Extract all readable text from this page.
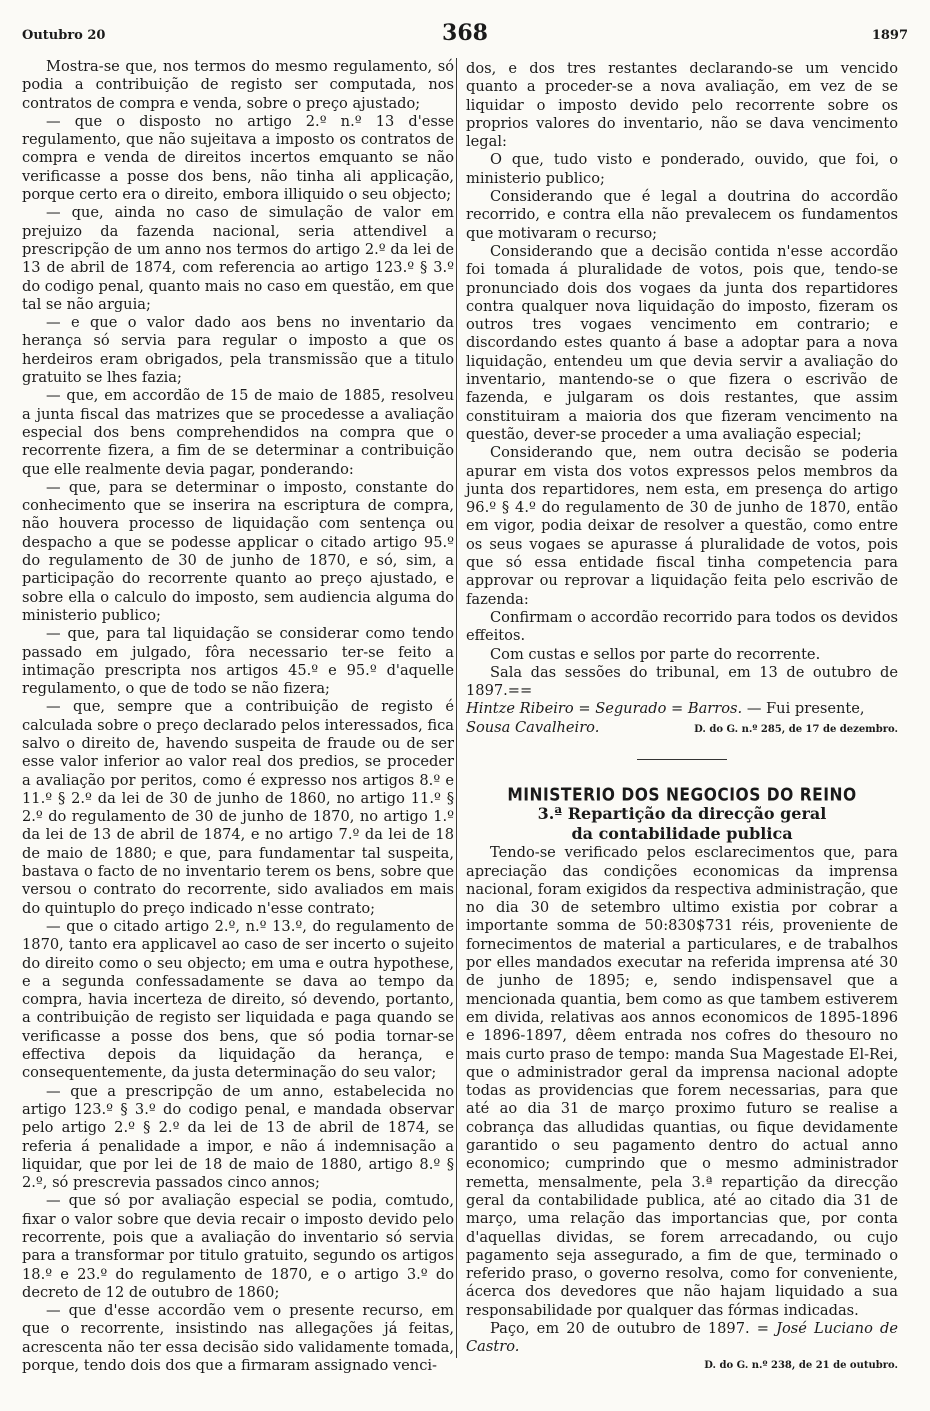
Outubro 20	368	1897

Mostra-se que, nos termos do mesmo regulamento, só podia a contribuição de registo ser computada, nos contratos de compra e venda, sobre o preço ajustado;

— que o disposto no artigo 2.º n.º 13 d'esse regulamento, que não sujeitava a imposto os contratos de compra e venda de direitos incertos emquanto se não verificasse a posse dos bens, não tinha ali applicação, porque certo era o direito, embora illiquido o seu objecto;

— que, ainda no caso de simulação de valor em prejuizo da fazenda nacional, seria attendivel a prescripção de um anno nos termos do artigo 2.º da lei de 13 de abril de 1874, com referencia ao artigo 123.º § 3.º do codigo penal, quanto mais no caso em questão, em que tal se não arguia;

— e que o valor dado aos bens no inventario da herança só servia para regular o imposto a que os herdeiros eram obrigados, pela transmissão que a titulo gratuito se lhes fazia;

— que, em accordão de 15 de maio de 1885, resolveu a junta fiscal das matrizes que se procedesse a avaliação especial dos bens comprehendidos na compra que o recorrente fizera, a fim de se determinar a contribuição que elle realmente devia pagar, ponderando:

— que, para se determinar o imposto, constante do conhecimento que se inserira na escriptura de compra, não houvera processo de liquidação com sentença ou despacho a que se podesse applicar o citado artigo 95.º do regulamento de 30 de junho de 1870, e só, sim, a participação do recorrente quanto ao preço ajustado, e sobre ella o calculo do imposto, sem audiencia alguma do ministerio publico;

— que, para tal liquidação se considerar como tendo passado em julgado, fôra necessario ter-se feito a intimação prescripta nos artigos 45.º e 95.º d'aquelle regulamento, o que de todo se não fizera;

— que, sempre que a contribuição de registo é calculada sobre o preço declarado pelos interessados, fica salvo o direito de, havendo suspeita de fraude ou de ser esse valor inferior ao valor real dos predios, se proceder a avaliação por peritos, como é expresso nos artigos 8.º e 11.º § 2.º da lei de 30 de junho de 1860, no artigo 11.º § 2.º do regulamento de 30 de junho de 1870, no artigo 1.º da lei de 13 de abril de 1874, e no artigo 7.º da lei de 18 de maio de 1880; e que, para fundamentar tal suspeita, bastava o facto de no inventario terem os bens, sobre que versou o contrato do recorrente, sido avaliados em mais do quintuplo do preço indicado n'esse contrato;

— que o citado artigo 2.º, n.º 13.º, do regulamento de 1870, tanto era applicavel ao caso de ser incerto o sujeito do direito como o seu objecto; em uma e outra hypothese, e a segunda confessadamente se dava ao tempo da compra, havia incerteza de direito, só devendo, portanto, a contribuição de registo ser liquidada e paga quando se verificasse a posse dos bens, que só podia tornar-se effectiva depois da liquidação da herança, e consequentemente, da justa determinação do seu valor;

— que a prescripção de um anno, estabelecida no artigo 123.º § 3.º do codigo penal, e mandada observar pelo artigo 2.º § 2.º da lei de 13 de abril de 1874, se referia á penalidade a impor, e não á indemnisação a liquidar, que por lei de 18 de maio de 1880, artigo 8.º § 2.º, só prescrevia passados cinco annos;

— que só por avaliação especial se podia, comtudo, fixar o valor sobre que devia recair o imposto devido pelo recorrente, pois que a avaliação do inventario só servia para a transformar por titulo gratuito, segundo os artigos 18.º e 23.º do regulamento de 1870, e o artigo 3.º do decreto de 12 de outubro de 1860;

— que d'esse accordão vem o presente recurso, em que o recorrente, insistindo nas allegações já feitas, acrescenta não ter essa decisão sido validamente tomada, porque, tendo dois dos que a firmaram assignado venci-

dos, e dos tres restantes declarando-se um vencido quanto a proceder-se a nova avaliação, em vez de se liquidar o imposto devido pelo recorrente sobre os proprios valores do inventario, não se dava vencimento legal:

O que, tudo visto e ponderado, ouvido, que foi, o ministerio publico;

Considerando que é legal a doutrina do accordão recorrido, e contra ella não prevalecem os fundamentos que motivaram o recurso;

Considerando que a decisão contida n'esse accordão foi tomada á pluralidade de votos, pois que, tendo-se pronunciado dois dos vogaes da junta dos repartidores contra qualquer nova liquidação do imposto, fizeram os outros tres vogaes vencimento em contrario; e discordando estes quanto á base a adoptar para a nova liquidação, entendeu um que devia servir a avaliação do inventario, mantendo-se o que fizera o escrivão de fazenda, e julgaram os dois restantes, que assim constituiram a maioria dos que fizeram vencimento na questão, dever-se proceder a uma avaliação especial;

Considerando que, nem outra decisão se poderia apurar em vista dos votos expressos pelos membros da junta dos repartidores, nem esta, em presença do artigo 96.º § 4.º do regulamento de 30 de junho de 1870, então em vigor, podia deixar de resolver a questão, como entre os seus vogaes se apurasse á pluralidade de votos, pois que só essa entidade fiscal tinha competencia para approvar ou reprovar a liquidação feita pelo escrivão de fazenda:

Confirmam o accordão recorrido para todos os devidos effeitos.

Com custas e sellos por parte do recorrente.

Sala das sessões do tribunal, em 13 de outubro de 1897.==

Hintze Ribeiro = Segurado = Barros. — Fui presente,

Sousa Cavalheiro.	D. do G. n.º 285, de 17 de dezembro.

MINISTERIO DOS NEGOCIOS DO REINO

3.ª Repartição da direcção geral
da contabilidade publica

Tendo-se verificado pelos esclarecimentos que, para apreciação das condições economicas da imprensa nacional, foram exigidos da respectiva administração, que no dia 30 de setembro ultimo existia por cobrar a importante somma de 50:830$731 réis, proveniente de fornecimentos de material a particulares, e de trabalhos por elles mandados executar na referida imprensa até 30 de junho de 1895; e, sendo indispensavel que a mencionada quantia, bem como as que tambem estiverem em divida, relativas aos annos economicos de 1895-1896 e 1896-1897, dêem entrada nos cofres do thesouro no mais curto praso de tempo: manda Sua Magestade El-Rei, que o administrador geral da imprensa nacional adopte todas as providencias que forem necessarias, para que até ao dia 31 de março proximo futuro se realise a cobrança das alludidas quantias, ou fique devidamente garantido o seu pagamento dentro do actual anno economico; cumprindo que o mesmo administrador remetta, mensalmente, pela 3.ª repartição da direcção geral da contabilidade publica, até ao citado dia 31 de março, uma relação das importancias que, por conta d'aquellas dividas, se forem arrecadando, ou cujo pagamento seja assegurado, a fim de que, terminado o referido praso, o governo resolva, como for conveniente, ácerca dos devedores que não hajam liquidado a sua responsabilidade por qualquer das fórmas indicadas.

Paço, em 20 de outubro de 1897. = José Luciano de Castro.

D. do G. n.º 238, de 21 de outubro.
